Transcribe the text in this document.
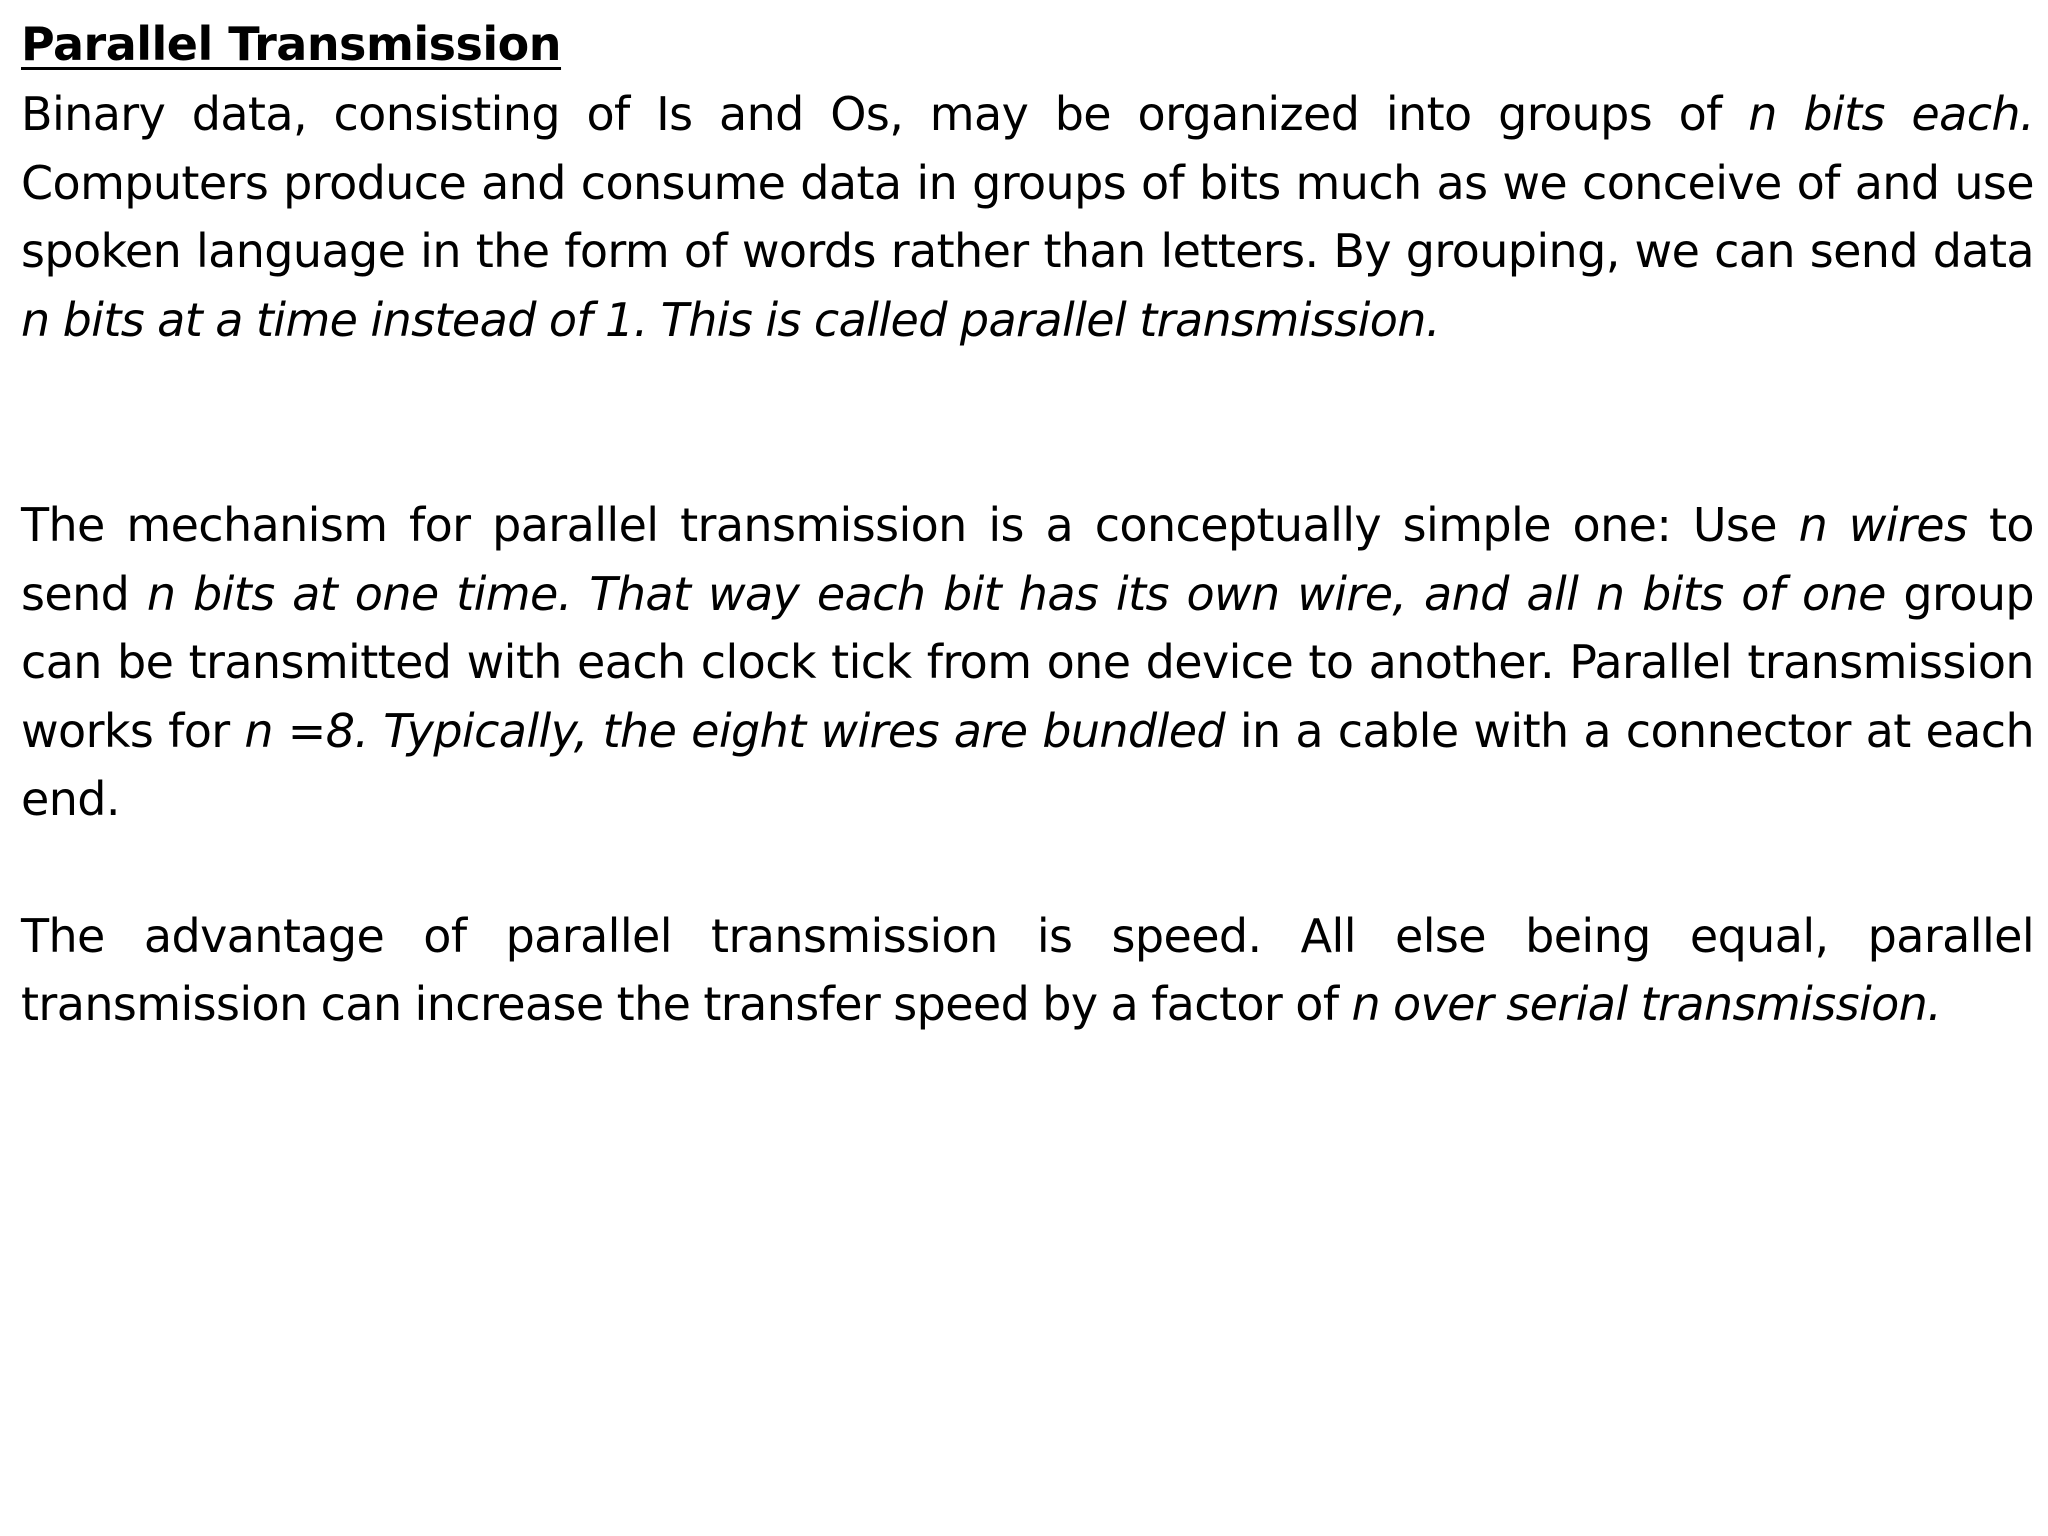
Parallel Transmission

Binary data, consisting of Is and Os, may be organized into groups of n bits each. Computers produce and consume data in groups of bits much as we conceive of and use spoken language in the form of words rather than letters. By grouping, we can send data n bits at a time instead of 1. This is called parallel transmission.

The mechanism for parallel transmission is a conceptually simple one: Use n wires to send n bits at one time. That way each bit has its own wire, and all n bits of one group can be transmitted with each clock tick from one device to another. Parallel transmission works for n =8. Typically, the eight wires are bundled in a cable with a connector at each end.

The advantage of parallel transmission is speed. All else being equal, parallel transmission can increase the transfer speed by a factor of n over serial transmission.
